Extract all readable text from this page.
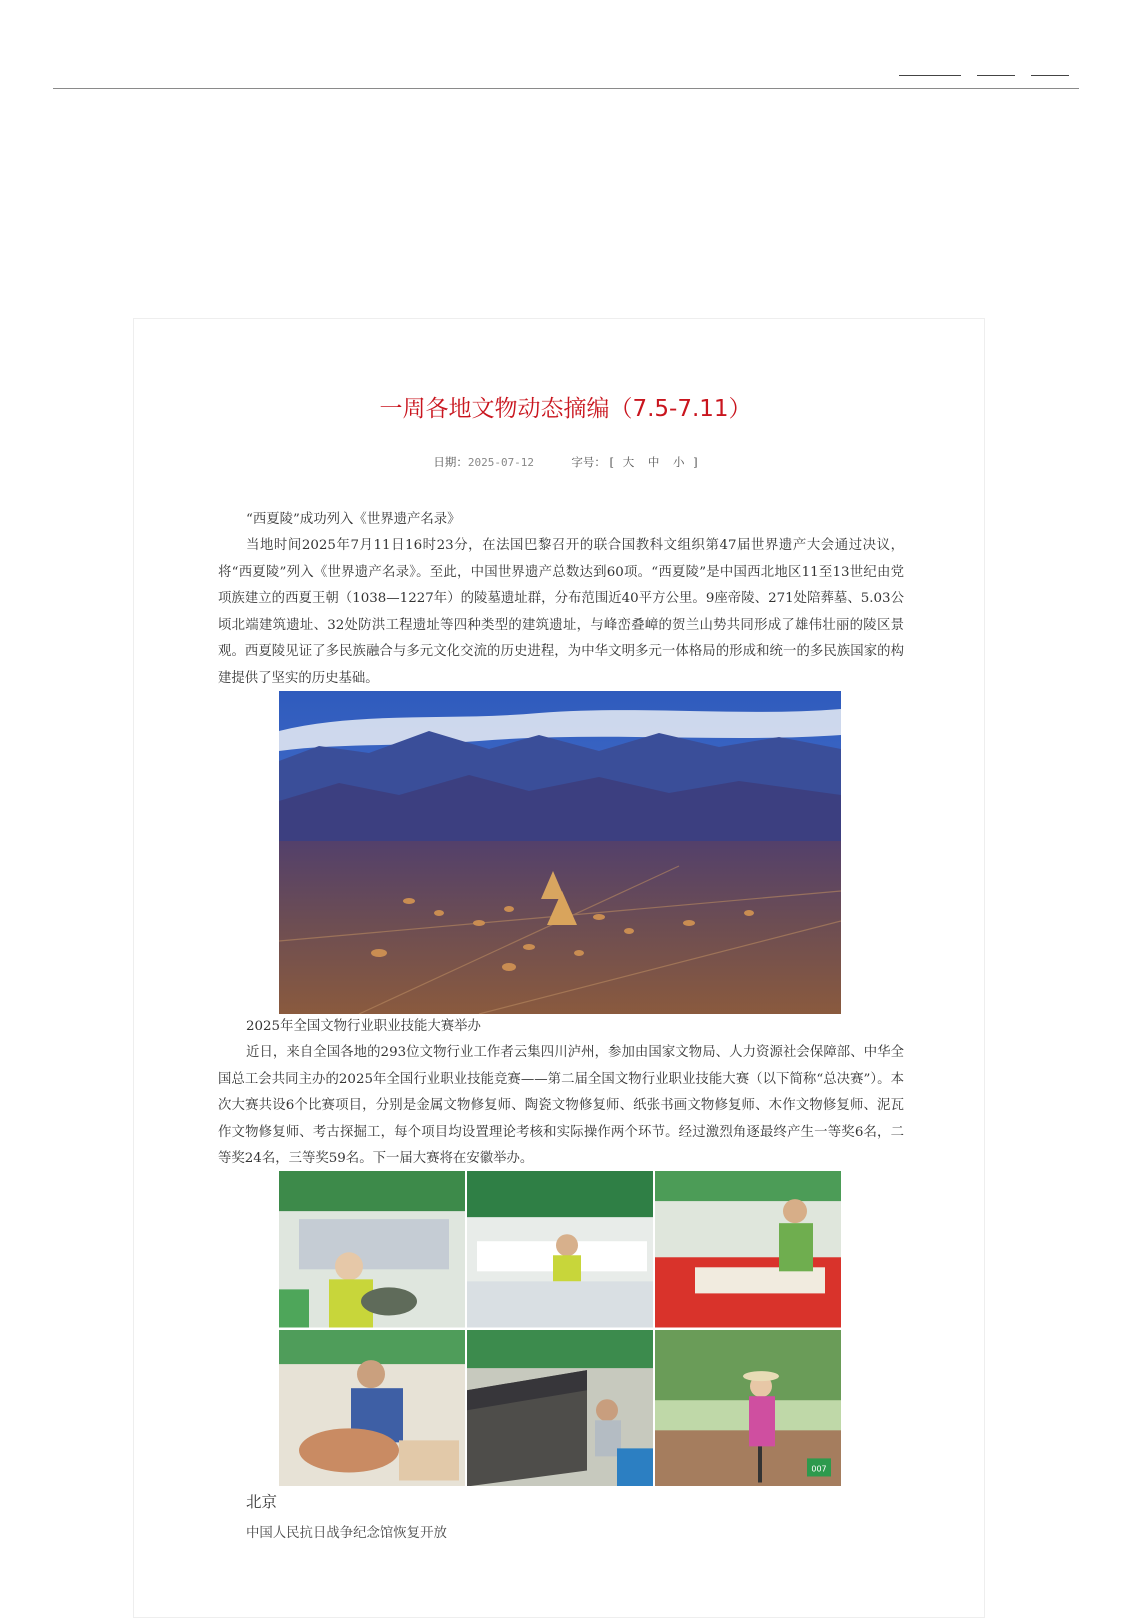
一周各地文物动态摘编（7.5-7.11）
日期：2025-07-12	字号： [ 大 中 小 ]

“西夏陵”成功列入《世界遗产名录》

当地时间2025年7月11日16时23分，在法国巴黎召开的联合国教科文组织第47届世界遗产大会通过决议，将“西夏陵”列入《世界遗产名录》。至此，中国世界遗产总数达到60项。“西夏陵”是中国西北地区11至13世纪由党项族建立的西夏王朝（1038—1227年）的陵墓遗址群，分布范围近40平方公里。9座帝陵、271处陪葬墓、5.03公顷北端建筑遗址、32处防洪工程遗址等四种类型的建筑遗址，与峰峦叠嶂的贺兰山势共同形成了雄伟壮丽的陵区景观。西夏陵见证了多民族融合与多元文化交流的历史进程，为中华文明多元一体格局的形成和统一的多民族国家的构建提供了坚实的历史基础。

2025年全国文物行业职业技能大赛举办

近日，来自全国各地的293位文物行业工作者云集四川泸州，参加由国家文物局、人力资源社会保障部、中华全国总工会共同主办的2025年全国行业职业技能竞赛——第二届全国文物行业职业技能大赛（以下简称“总决赛”）。本次大赛共设6个比赛项目，分别是金属文物修复师、陶瓷文物修复师、纸张书画文物修复师、木作文物修复师、泥瓦作文物修复师、考古探掘工，每个项目均设置理论考核和实际操作两个环节。经过激烈角逐最终产生一等奖6名，二等奖24名，三等奖59名。下一届大赛将在安徽举办。

007
北京
中国人民抗日战争纪念馆恢复开放
